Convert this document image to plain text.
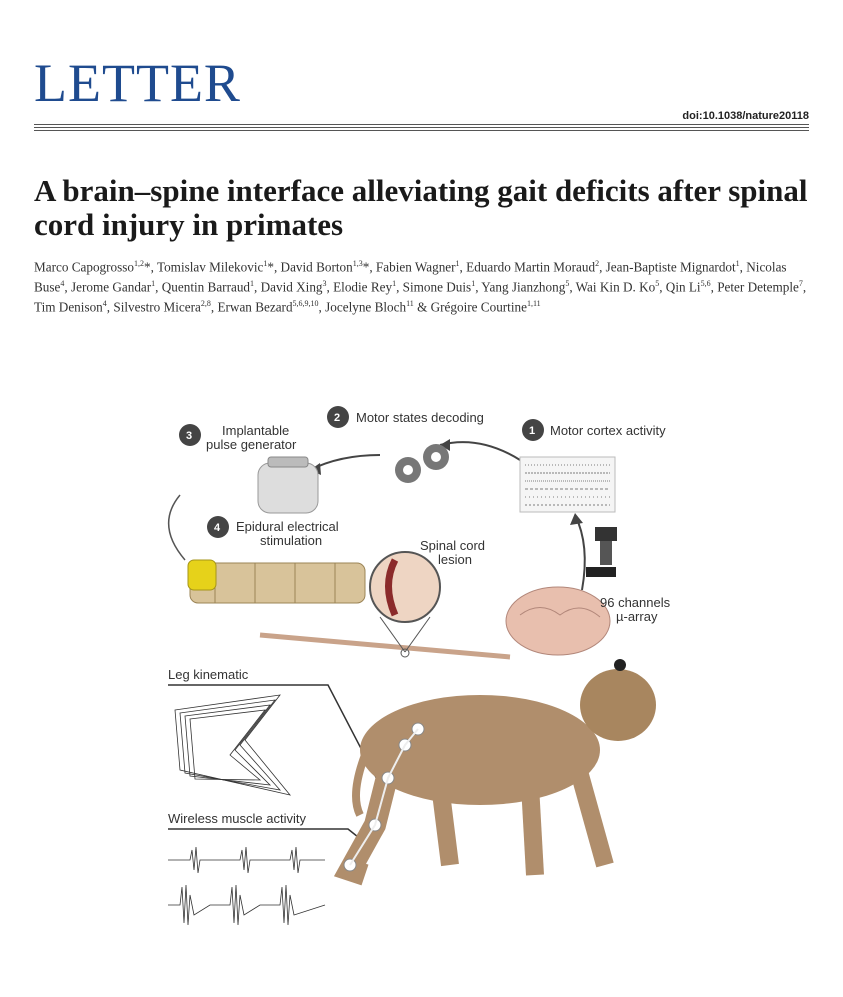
LETTER
doi:10.1038/nature20118
A brain–spine interface alleviating gait deficits after spinal cord injury in primates
Marco Capogrosso$^{1,2}$*, Tomislav Milekovic$^1$*, David Borton$^{1,3}$*, Fabien Wagner$^1$, Eduardo Martin Moraud$^2$, Jean-Baptiste Mignardot$^1$, Nicolas Buse$^4$, Jerome Gandar$^1$, Quentin Barraud$^1$, David Xing$^3$, Elodie Rey$^1$, Simone Duis$^1$, Yang Jianzhong$^5$, Wai Kin D. Ko$^5$, Qin Li$^{5,6}$, Peter Detemple$^7$, Tim Denison$^4$, Silvestro Micera$^{2,8}$, Erwan Bezard$^{5,6,9,10}$, Jocelyne Bloch$^{11}$ & Grégoire Courtine$^{1,11}$
1 Motor cortex activity
2 Motor states decoding
3 Implantable
pulse generator
4 Epidural electrical
stimulation	Spinal cord
lesion
96 channels
µ-array
Leg kinematic
Wireless muscle activity
